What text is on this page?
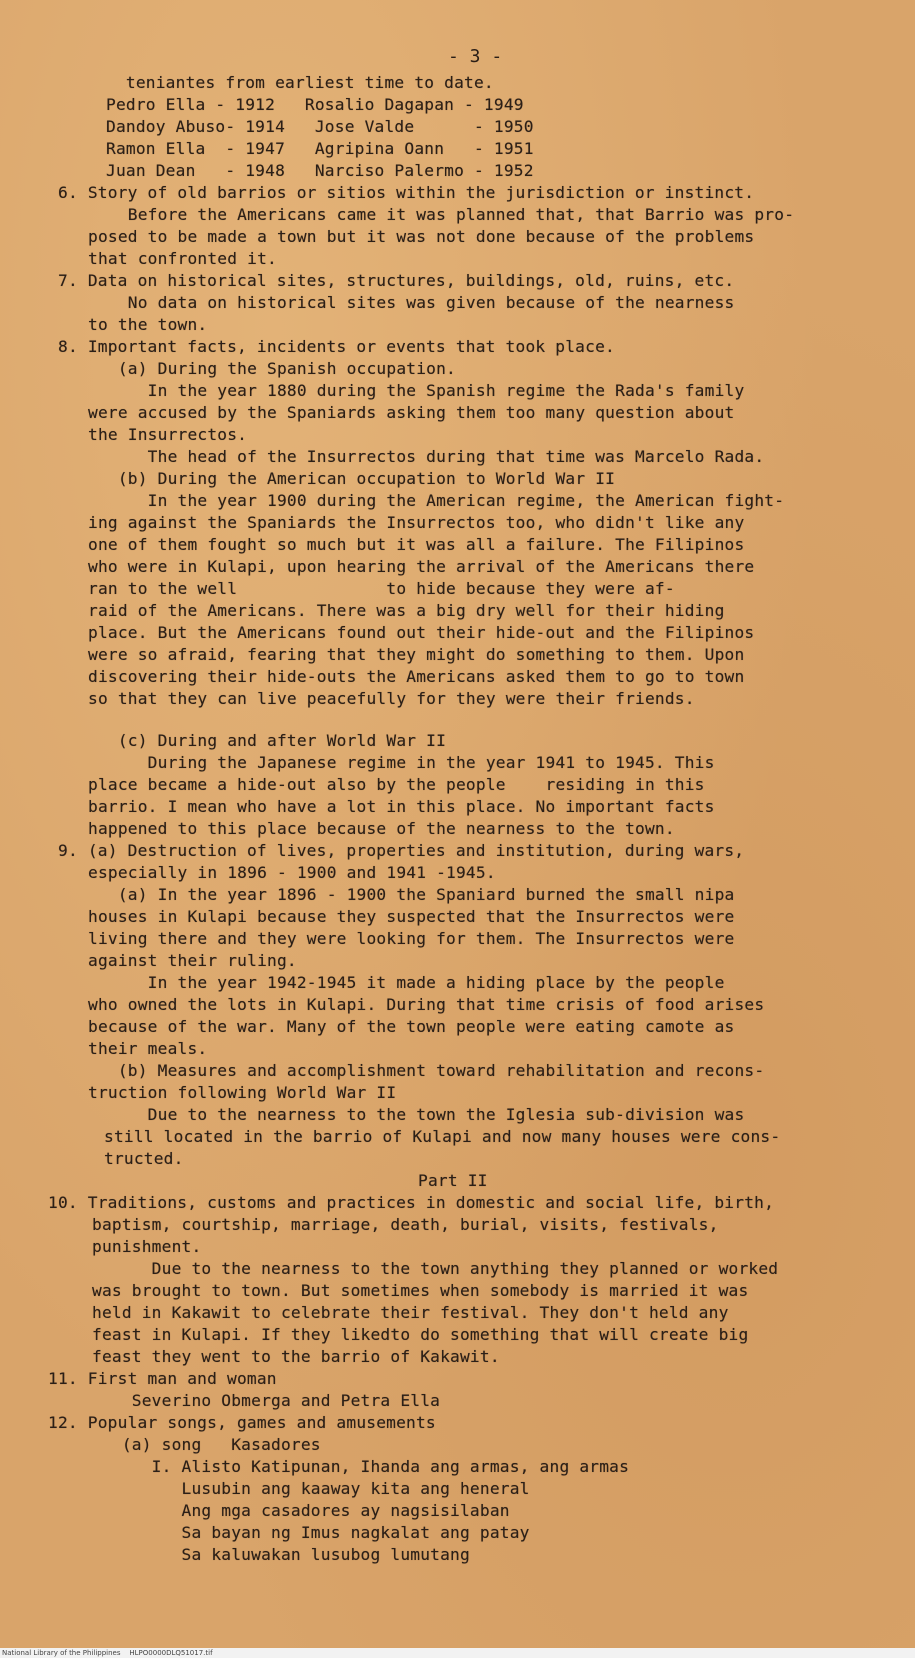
- 3 -
teniantes from earliest time to date.
Pedro Ella - 1912   Rosalio Dagapan - 1949
Dandoy Abuso- 1914   Jose Valde      - 1950
Ramon Ella  - 1947   Agripina Oann   - 1951
Juan Dean   - 1948   Narciso Palermo - 1952
6. Story of old barrios or sitios within the jurisdiction or instinct.
Before the Americans came it was planned that, that Barrio was pro-
posed to be made a town but it was not done because of the problems
that confronted it.
7. Data on historical sites, structures, buildings, old, ruins, etc.
No data on historical sites was given because of the nearness
to the town.
8. Important facts, incidents or events that took place.
(a) During the Spanish occupation.
In the year 1880 during the Spanish regime the Rada's family
were accused by the Spaniards asking them too many question about
the Insurrectos.
The head of the Insurrectos during that time was Marcelo Rada.
(b) During the American occupation to World War II
In the year 1900 during the American regime, the American fight-
ing against the Spaniards the Insurrectos too, who didn't like any
one of them fought so much but it was all a failure. The Filipinos
who were in Kulapi, upon hearing the arrival of the Americans there
ran to the well               to hide because they were af-
raid of the Americans. There was a big dry well for their hiding
place. But the Americans found out their hide-out and the Filipinos
were so afraid, fearing that they might do something to them. Upon
discovering their hide-outs the Americans asked them to go to town
so that they can live peacefully for they were their friends.
(c) During and after World War II
During the Japanese regime in the year 1941 to 1945. This
place became a hide-out also by the people    residing in this
barrio. I mean who have a lot in this place. No important facts
happened to this place because of the nearness to the town.
9. (a) Destruction of lives, properties and institution, during wars,
especially in 1896 - 1900 and 1941 -1945.
(a) In the year 1896 - 1900 the Spaniard burned the small nipa
houses in Kulapi because they suspected that the Insurrectos were
living there and they were looking for them. The Insurrectos were
against their ruling.
In the year 1942-1945 it made a hiding place by the people
who owned the lots in Kulapi. During that time crisis of food arises
because of the war. Many of the town people were eating camote as
their meals.
(b) Measures and accomplishment toward rehabilitation and recons-
truction following World War II
Due to the nearness to the town the Iglesia sub-division was
still located in the barrio of Kulapi and now many houses were cons-
tructed.
Part II
10. Traditions, customs and practices in domestic and social life, birth,
baptism, courtship, marriage, death, burial, visits, festivals,
punishment.
Due to the nearness to the town anything they planned or worked
was brought to town. But sometimes when somebody is married it was
held in Kakawit to celebrate their festival. They don't held any
feast in Kulapi. If they likedto do something that will create big
feast they went to the barrio of Kakawit.
11. First man and woman
Severino Obmerga and Petra Ella
12. Popular songs, games and amusements
(a) song   Kasadores
I. Alisto Katipunan, Ihanda ang armas, ang armas
Lusubin ang kaaway kita ang heneral
Ang mga casadores ay nagsisilaban
Sa bayan ng Imus nagkalat ang patay
Sa kaluwakan lusubog lumutang
National Library of the Philippines    HLPO0000DLQ51017.tif
